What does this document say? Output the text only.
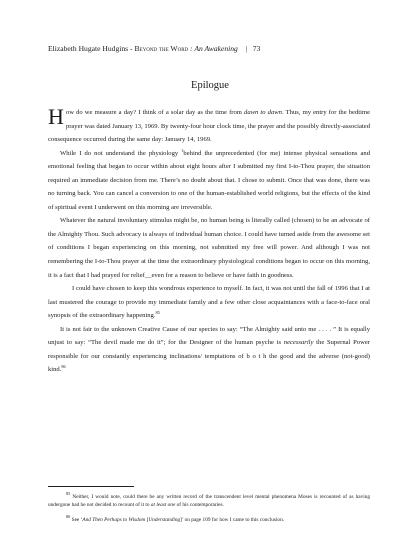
Elizabeth Hugate Hudgins - Beyond the Word : An Awakening | 73
Epilogue

How do we measure a day? I think of a solar day as the time from dawn to dawn. Thus, my entry for the bedtime prayer was dated January 13, 1969. By twenty-four hour clock time, the prayer and the possibly directly-associated consequence occurred during the same day: January 14, 1969.

While I do not understand the physiology $^1$behind the unprecedented (for me) intense physical sensations and emotional feeling that began to occur within about eight hours after I submitted my first I-to-Thou prayer, the situation required an immediate decision from me. There’s no doubt about that. I chose to submit. Once that was done, there was no turning back. You can cancel a conversion to one of the human-established world religions, but the effects of the kind of spiritual event I underwent on this morning are irreversible.

Whatever the natural involuntary stimulus might be, no human being is literally called (chosen) to be an advocate of the Almighty Thou. Such advocacy is always of individual human choice. I could have turned aside from the awesome set of conditions I began experiencing on this morning, not submitted my free will power. And although I was not remembering the I-to-Thou prayer at the time the extraordinary physiological conditions began to occur on this morning, it is a fact that I had prayed for relief__even for a reason to believe or have faith in goodness.

I could have chosen to keep this wondrous experience to myself. In fact, it was not until the fall of 1996 that I at last mustered the courage to provide my immediate family and a few other close acquaintances with a face-to-face oral synopsis of the extraordinary happening.$^{85}$

It is not fair to the unknown Creative Cause of our species to say: “The Almighty said unto me . . . . ” It is equally unjust to say: “The devil made me do it”; for the Designer of the human psyche is necessarily the Supernal Power responsible for our constantly experiencing inclinations/ temptations of b o t h the good and the adverse (not-good) kind.$^{86}$

$^{85}$ Neither, I would note, could there be any written record of the transcendent level mental phenomena Moses is recounted of as having undergone had he not decided to recount of it to at least one of his contemporaries.
$^{86}$ See ‘And Then Perhaps to Wisdom [Understanding]’ on page 109 for how I came to this conclusion.
